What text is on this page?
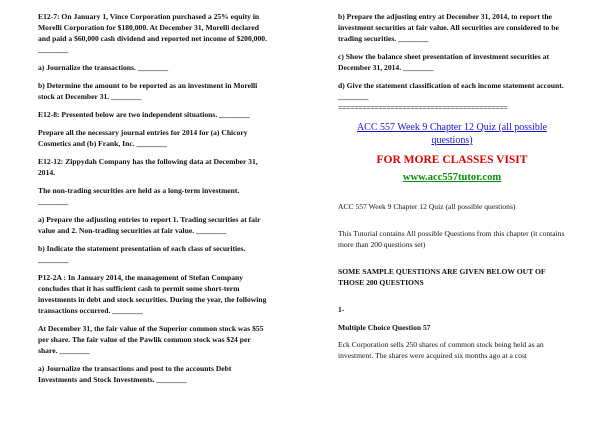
E12-7: On January 1, Vince Corporation purchased a 25% equity in Morelli Corporation for $180,000. At December 31, Morelli declared and paid a $60,000 cash dividend and reported net income of $200,000. ________

a) Journalize the transactions. ________

b) Determine the amount to be reported as an investment in Morelli stock at December 31. ________

E12-8: Presented below are two independent situations. ________

Prepare all the necessary journal entries for 2014 for (a) Chicory Cosmetics and (b) Frank, Inc. ________

E12-12: Zippydah Company has the following data at December 31, 2014.

The non-trading securities are held as a long-term investment. ________

a) Prepare the adjusting entries to report 1. Trading securities at fair value and 2. Non-trading securities at fair value. ________

b) Indicate the statement presentation of each class of securities. ________

P12-2A : In January 2014, the management of Stefan Company concludes that it has sufficient cash to permit some short-term investments in debt and stock securities. During the year, the following transactions occurred. ________

At December 31, the fair value of the Superior common stock was $55 per share. The fair value of the Pawlik common stock was $24 per share. ________

a) Journalize the transactions and post to the accounts Debt Investments and Stock Investments. ________

b) Prepare the adjusting entry at December 31, 2014, to report the investment securities at fair value. All securities are considered to be trading securities. ________

c) Show the balance sheet presentation of investment securities at December 31, 2014. ________

d) Give the statement classification of each income statement account. ________

==========================================

ACC 557 Week 9 Chapter 12 Quiz (all possible questions)

FOR MORE CLASSES VISIT

www.acc557tutor.com

ACC 557 Week 9 Chapter 12 Quiz (all possible questions)

This Tutorial contains All possible Questions from this chapter (it contains more than 200 questions set)

SOME SAMPLE QUESTIONS ARE GIVEN BELOW OUT OF THOSE 200 QUESTIONS

1-

Multiple Choice Question 57

Eck Corporation sells 250 shares of common stock being held as an investment. The shares were acquired six months ago at a cost
